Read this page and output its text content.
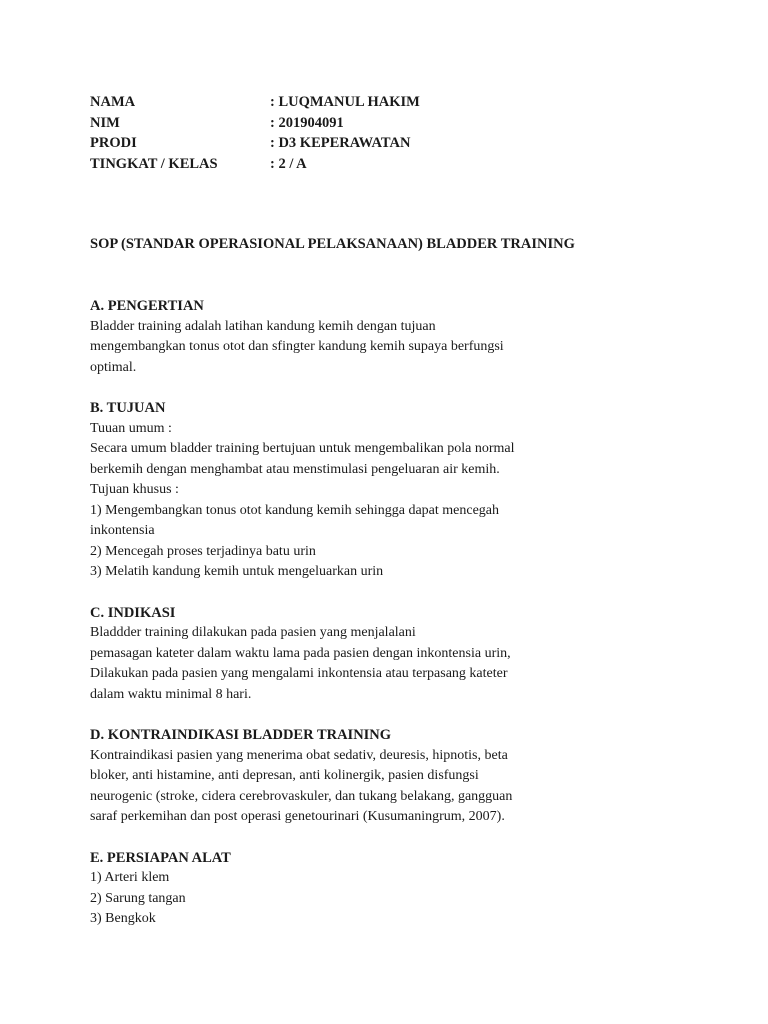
NAMA	: LUQMANUL HAKIM
NIM	: 201904091
PRODI	: D3 KEPERAWATAN
TINGKAT / KELAS	: 2 / A
SOP (STANDAR OPERASIONAL PELAKSANAAN) BLADDER TRAINING
A. PENGERTIAN
Bladder training adalah latihan kandung kemih dengan tujuan
mengembangkan tonus otot dan sfingter kandung kemih supaya berfungsi
optimal.
B. TUJUAN
Tuuan umum :
Secara umum bladder training bertujuan untuk mengembalikan pola normal
berkemih dengan menghambat atau menstimulasi pengeluaran air kemih.
Tujuan khusus :
1) Mengembangkan tonus otot kandung kemih sehingga dapat mencegah
inkontensia
2) Mencegah proses terjadinya batu urin
3) Melatih kandung kemih untuk mengeluarkan urin
C. INDIKASI
Bladdder training dilakukan pada pasien yang menjalalani
pemasagan kateter dalam waktu lama pada pasien dengan inkontensia urin,
Dilakukan pada pasien yang mengalami inkontensia atau terpasang kateter
dalam waktu minimal 8 hari.
D. KONTRAINDIKASI BLADDER TRAINING
Kontraindikasi pasien yang menerima obat sedativ, deuresis, hipnotis, beta
bloker, anti histamine, anti depresan, anti kolinergik, pasien disfungsi
neurogenic (stroke, cidera cerebrovaskuler, dan tukang belakang, gangguan
saraf perkemihan dan post operasi genetourinari (Kusumaningrum, 2007).
E. PERSIAPAN ALAT
1) Arteri klem
2) Sarung tangan
3) Bengkok
